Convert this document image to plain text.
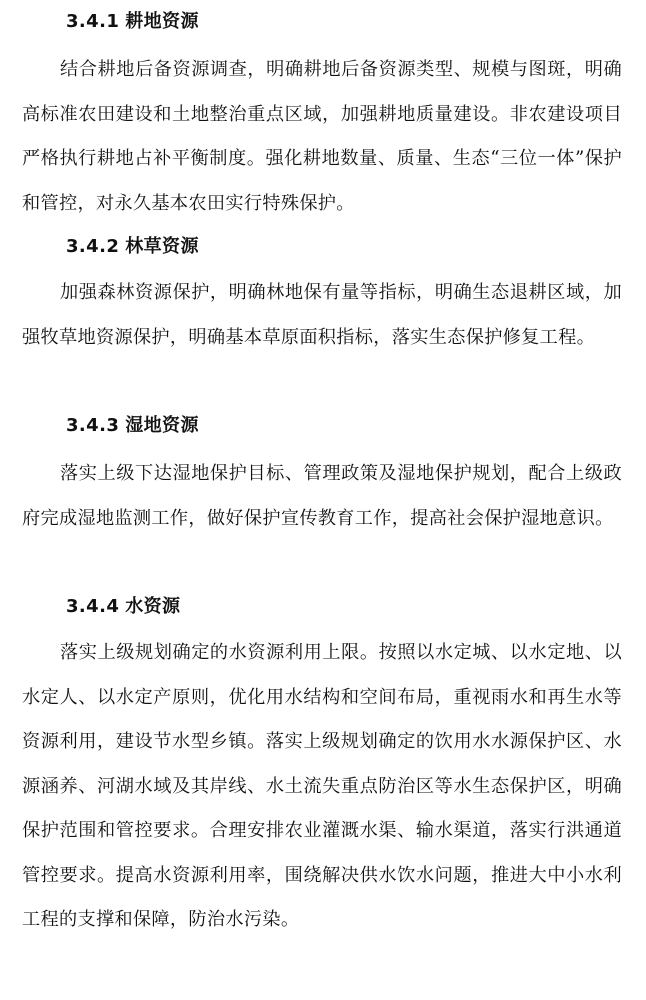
3.4.1 耕地资源

结合耕地后备资源调查，明确耕地后备资源类型、规模与图斑，明确高标准农田建设和土地整治重点区域，加强耕地质量建设。非农建设项目严格执行耕地占补平衡制度。强化耕地数量、质量、生态“三位一体”保护和管控，对永久基本农田实行特殊保护。

3.4.2 林草资源

加强森林资源保护，明确林地保有量等指标，明确生态退耕区域，加强牧草地资源保护，明确基本草原面积指标，落实生态保护修复工程。

3.4.3 湿地资源

落实上级下达湿地保护目标、管理政策及湿地保护规划，配合上级政府完成湿地监测工作，做好保护宣传教育工作，提高社会保护湿地意识。

3.4.4 水资源

落实上级规划确定的水资源利用上限。按照以水定城、以水定地、以水定人、以水定产原则，优化用水结构和空间布局，重视雨水和再生水等资源利用，建设节水型乡镇。落实上级规划确定的饮用水水源保护区、水源涵养、河湖水域及其岸线、水土流失重点防治区等水生态保护区，明确保护范围和管控要求。合理安排农业灌溉水渠、输水渠道，落实行洪通道管控要求。提高水资源利用率，围绕解决供水饮水问题，推进大中小水利工程的支撑和保障，防治水污染。
